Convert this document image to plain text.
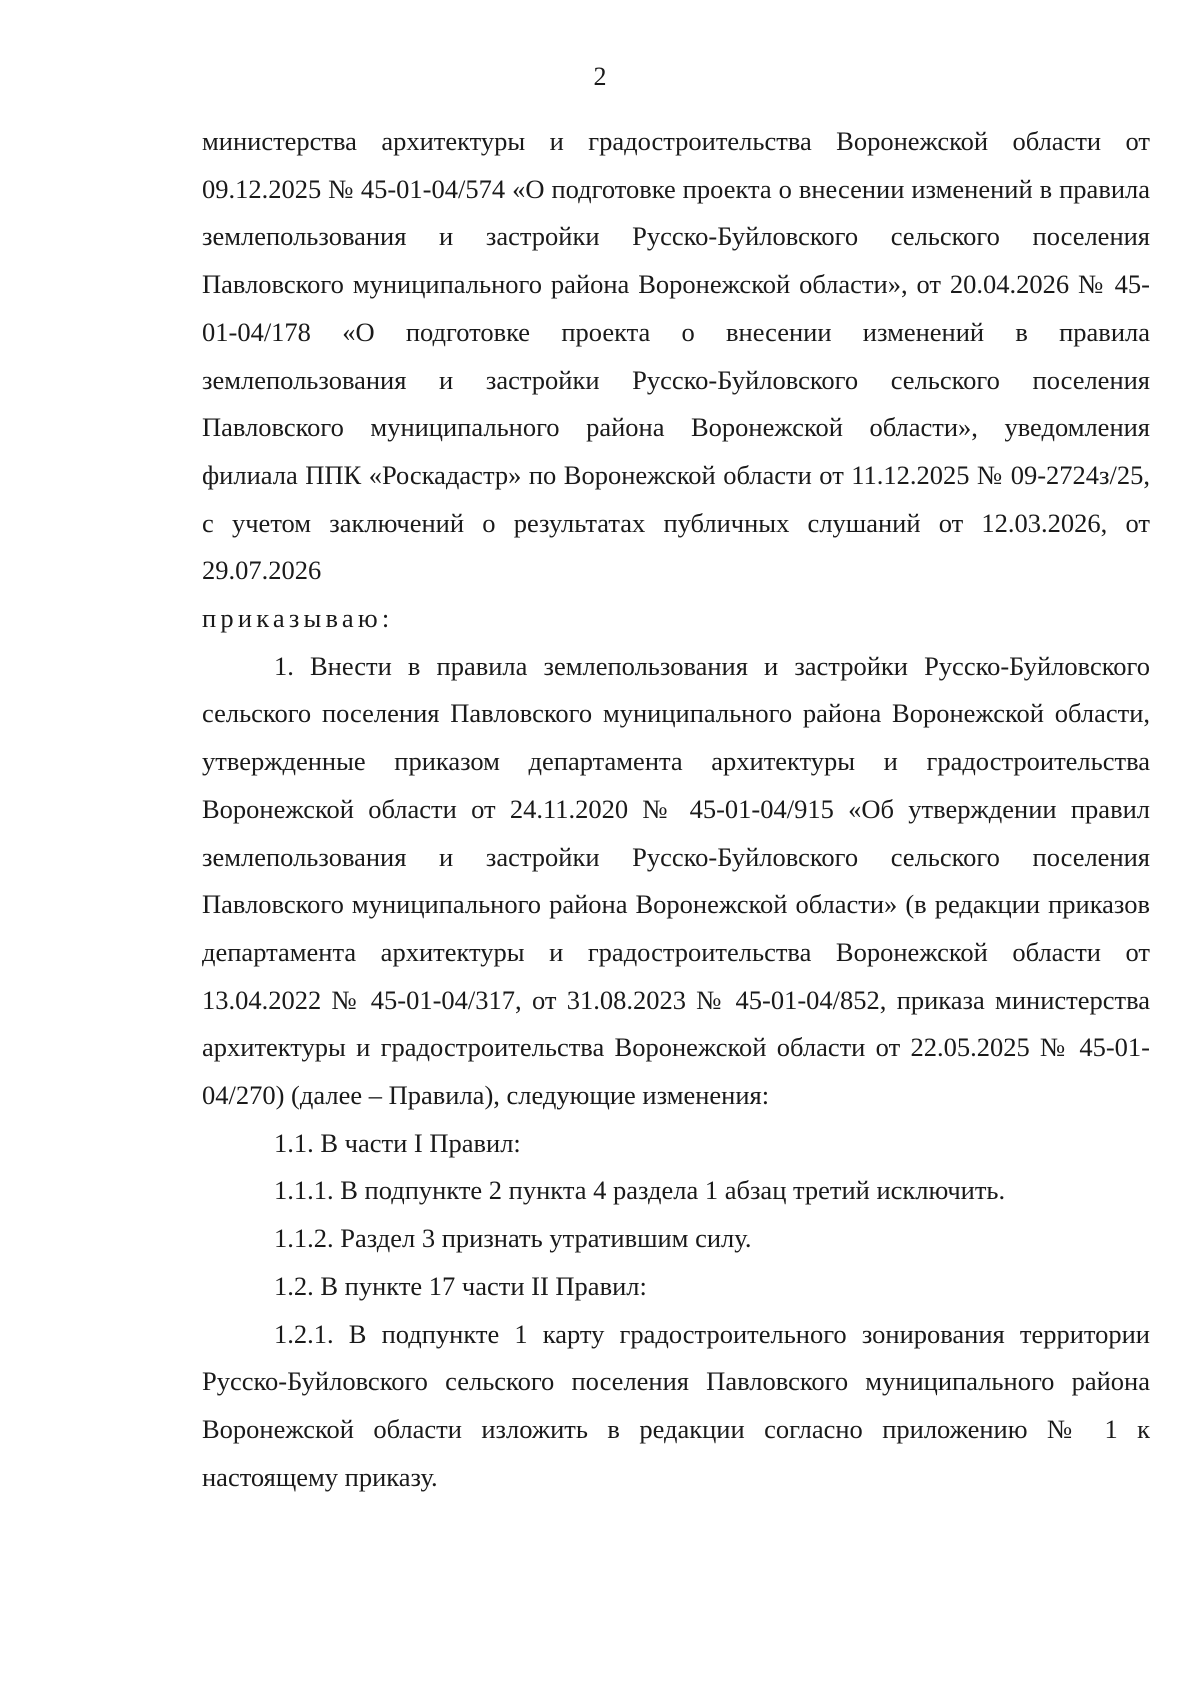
2

министерства архитектуры и градостроительства Воронежской области от 09.12.2025 № 45-01-04/574 «О подготовке проекта о внесении изменений в правила землепользования и застройки Русско-Буйловского сельского поселения Павловского муниципального района Воронежской области», от 20.04.2026 № 45-01-04/178 «О подготовке проекта о внесении изменений в правила землепользования и застройки Русско-Буйловского сельского поселения Павловского муниципального района Воронежской области», уведомления филиала ППК «Роскадастр» по Воронежской области от 11.12.2025 № 09-2724з/25, с учетом заключений о результатах публичных слушаний от 12.03.2026, от 29.07.2026

приказываю:

1. Внести в правила землепользования и застройки Русско-Буйловского сельского поселения Павловского муниципального района Воронежской области, утвержденные приказом департамента архитектуры и градостроительства Воронежской области от 24.11.2020 № 45-01-04/915 «Об утверждении правил землепользования и застройки Русско-Буйловского сельского поселения Павловского муниципального района Воронежской области» (в редакции приказов департамента архитектуры и градостроительства Воронежской области от 13.04.2022 № 45-01-04/317, от 31.08.2023 № 45-01-04/852, приказа министерства архитектуры и градостроительства Воронежской области от 22.05.2025 № 45-01-04/270) (далее – Правила), следующие изменения:

1.1. В части I Правил:

1.1.1. В подпункте 2 пункта 4 раздела 1 абзац третий исключить.

1.1.2. Раздел 3 признать утратившим силу.

1.2. В пункте 17 части II Правил:

1.2.1. В подпункте 1 карту градостроительного зонирования территории Русско-Буйловского сельского поселения Павловского муниципального района Воронежской области изложить в редакции согласно приложению № 1 к настоящему приказу.
